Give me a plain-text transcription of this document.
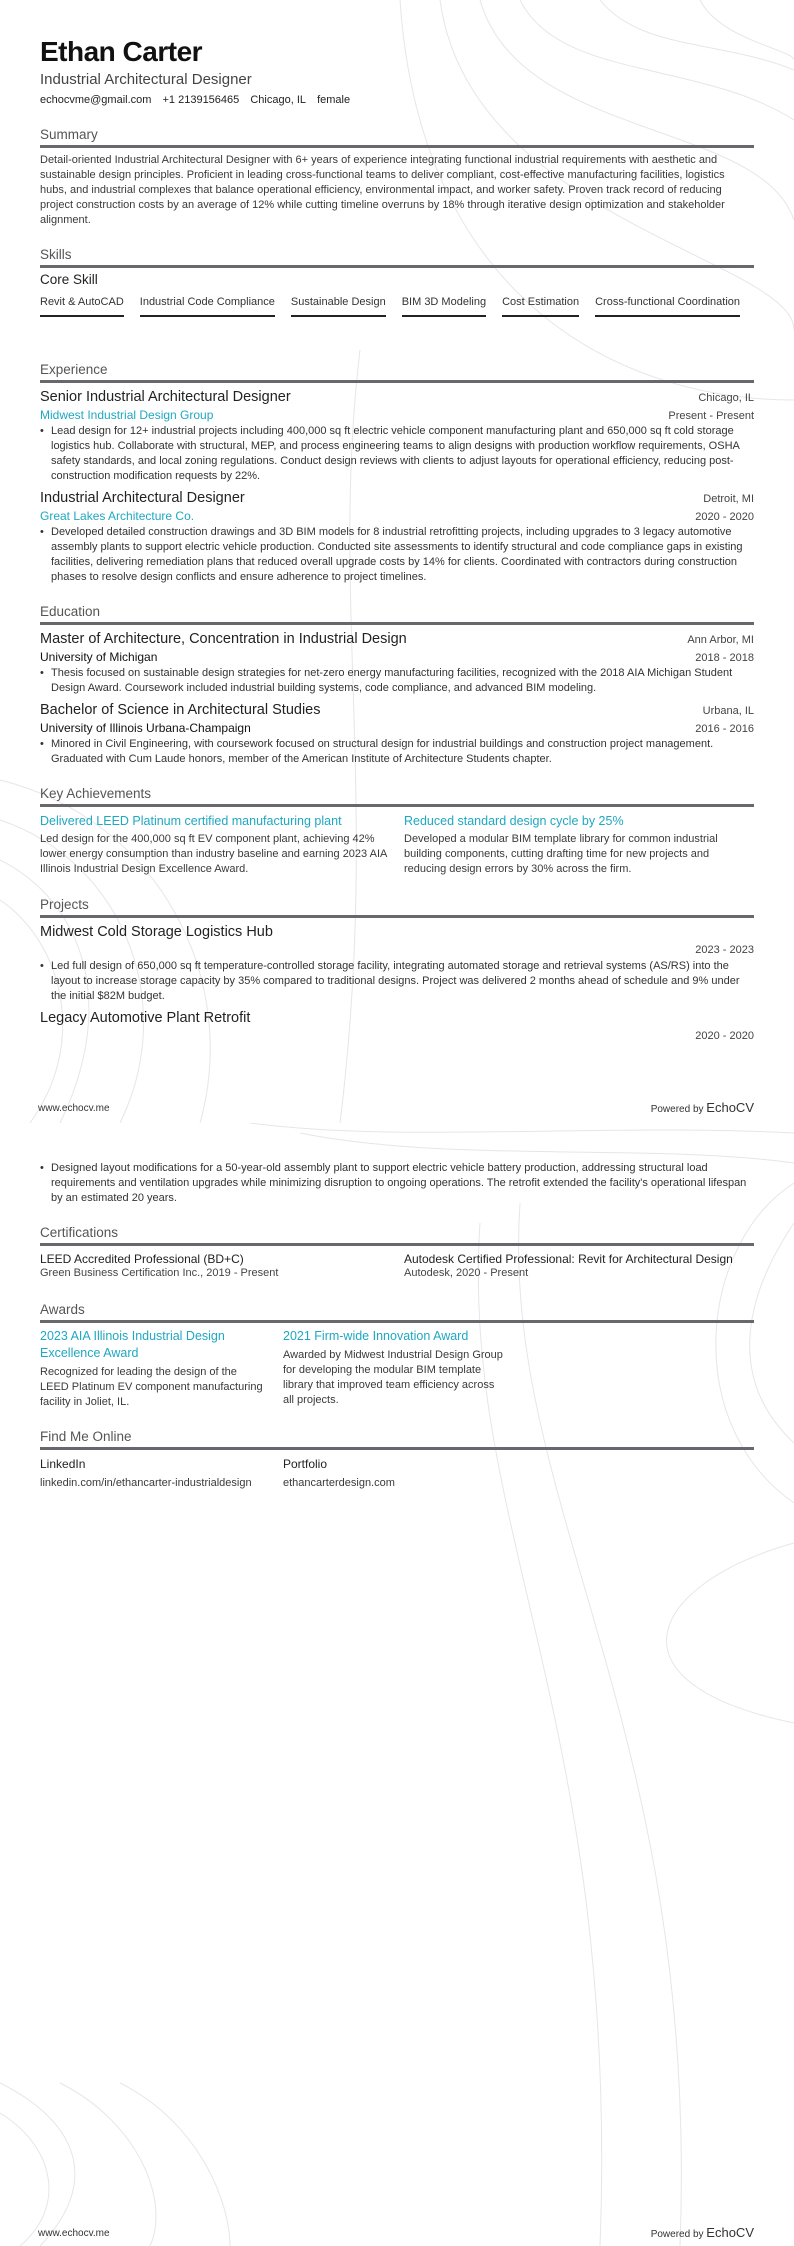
Ethan Carter
Industrial Architectural Designer
echocvme@gmail.com +1 2139156465 Chicago, IL female
Summary
Detail-oriented Industrial Architectural Designer with 6+ years of experience integrating functional industrial requirements with aesthetic and sustainable design principles. Proficient in leading cross-functional teams to deliver compliant, cost-effective manufacturing facilities, logistics hubs, and industrial complexes that balance operational efficiency, environmental impact, and worker safety. Proven track record of reducing project construction costs by an average of 12% while cutting timeline overruns by 18% through iterative design optimization and stakeholder alignment.
Skills
Core Skill
Revit & AutoCAD Industrial Code Compliance Sustainable Design BIM 3D Modeling Cost Estimation Cross-functional Coordination
Experience
Senior Industrial Architectural Designer	Chicago, IL
Midwest Industrial Design Group	Present - Present
• Lead design for 12+ industrial projects including 400,000 sq ft electric vehicle component manufacturing plant and 650,000 sq ft cold storage logistics hub. Collaborate with structural, MEP, and process engineering teams to align designs with production workflow requirements, OSHA safety standards, and local zoning regulations. Conduct design reviews with clients to adjust layouts for operational efficiency, reducing post-construction modification requests by 22%.
Industrial Architectural Designer	Detroit, MI
Great Lakes Architecture Co.	2020 - 2020
• Developed detailed construction drawings and 3D BIM models for 8 industrial retrofitting projects, including upgrades to 3 legacy automotive assembly plants to support electric vehicle production. Conducted site assessments to identify structural and code compliance gaps in existing facilities, delivering remediation plans that reduced overall upgrade costs by 14% for clients. Coordinated with contractors during construction phases to resolve design conflicts and ensure adherence to project timelines.
Education
Master of Architecture, Concentration in Industrial Design	Ann Arbor, MI
University of Michigan	2018 - 2018
• Thesis focused on sustainable design strategies for net-zero energy manufacturing facilities, recognized with the 2018 AIA Michigan Student Design Award. Coursework included industrial building systems, code compliance, and advanced BIM modeling.
Bachelor of Science in Architectural Studies	Urbana, IL
University of Illinois Urbana-Champaign	2016 - 2016
• Minored in Civil Engineering, with coursework focused on structural design for industrial buildings and construction project management. Graduated with Cum Laude honors, member of the American Institute of Architecture Students chapter.
Key Achievements
Delivered LEED Platinum certified manufacturing plant
Led design for the 400,000 sq ft EV component plant, achieving 42% lower energy consumption than industry baseline and earning 2023 AIA Illinois Industrial Design Excellence Award.
Reduced standard design cycle by 25%
Developed a modular BIM template library for common industrial building components, cutting drafting time for new projects and reducing design errors by 30% across the firm.
Projects
Midwest Cold Storage Logistics Hub
2023 - 2023
• Led full design of 650,000 sq ft temperature-controlled storage facility, integrating automated storage and retrieval systems (AS/RS) into the layout to increase storage capacity by 35% compared to traditional designs. Project was delivered 2 months ahead of schedule and 9% under the initial $82M budget.
Legacy Automotive Plant Retrofit
2020 - 2020
www.echocv.me	Powered by EchoCV
• Designed layout modifications for a 50-year-old assembly plant to support electric vehicle battery production, addressing structural load requirements and ventilation upgrades while minimizing disruption to ongoing operations. The retrofit extended the facility's operational lifespan by an estimated 20 years.
Certifications
LEED Accredited Professional (BD+C)
Green Business Certification Inc., 2019 - Present
Autodesk Certified Professional: Revit for Architectural Design
Autodesk, 2020 - Present
Awards
2023 AIA Illinois Industrial Design Excellence Award
Recognized for leading the design of the LEED Platinum EV component manufacturing facility in Joliet, IL.
2021 Firm-wide Innovation Award
Awarded by Midwest Industrial Design Group for developing the modular BIM template library that improved team efficiency across all projects.
Find Me Online
LinkedIn
linkedin.com/in/ethancarter-industrialdesign
Portfolio
ethancarterdesign.com
www.echocv.me	Powered by EchoCV
